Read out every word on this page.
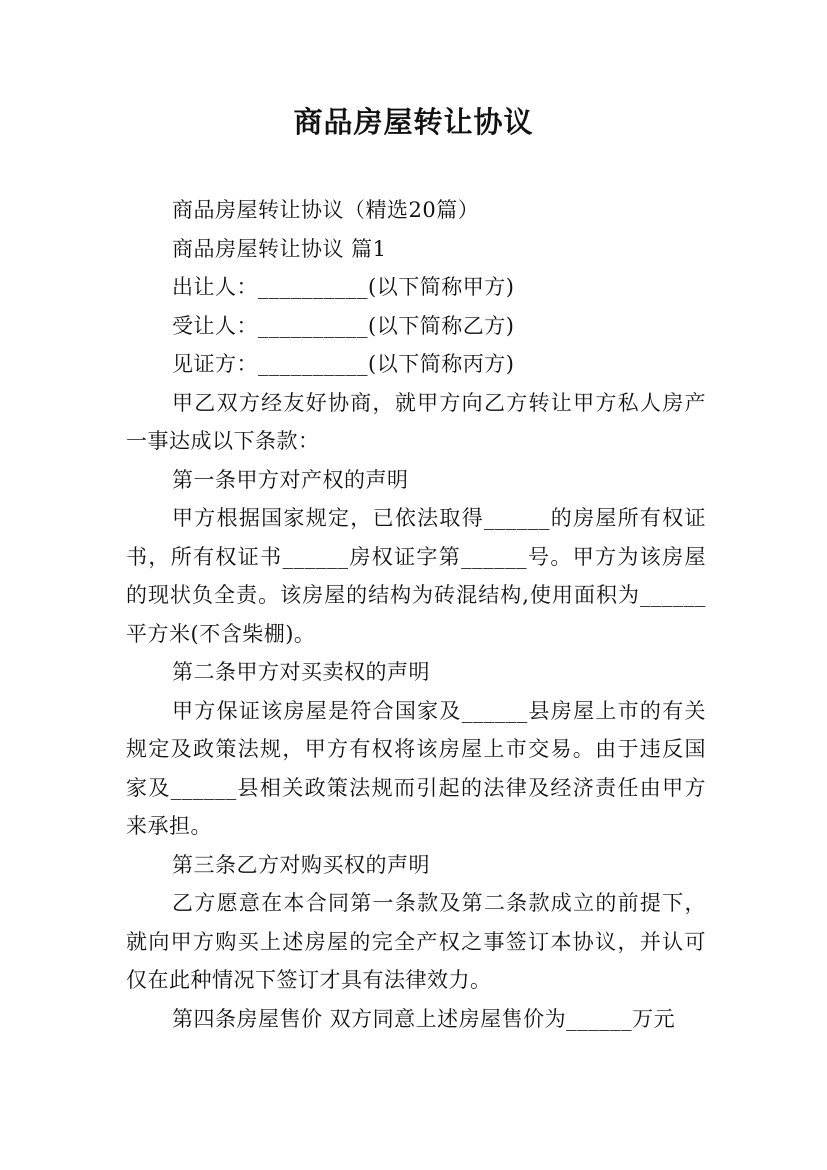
商品房屋转让协议

商品房屋转让协议（精选20篇）

商品房屋转让协议 篇1

出让人：__________(以下简称甲方)

受让人：__________(以下简称乙方)

见证方：__________(以下简称丙方)

甲乙双方经友好协商，就甲方向乙方转让甲方私人房产一事达成以下条款：

第一条甲方对产权的声明

甲方根据国家规定，已依法取得______的房屋所有权证书，所有权证书______房权证字第______号。甲方为该房屋的现状负全责。该房屋的结构为砖混结构,使用面积为______平方米(不含柴棚)。

第二条甲方对买卖权的声明

甲方保证该房屋是符合国家及______县房屋上市的有关规定及政策法规，甲方有权将该房屋上市交易。由于违反国家及______县相关政策法规而引起的法律及经济责任由甲方来承担。

第三条乙方对购买权的声明

乙方愿意在本合同第一条款及第二条款成立的前提下，就向甲方购买上述房屋的完全产权之事签订本协议，并认可仅在此种情况下签订才具有法律效力。

第四条房屋售价 双方同意上述房屋售价为______万元
